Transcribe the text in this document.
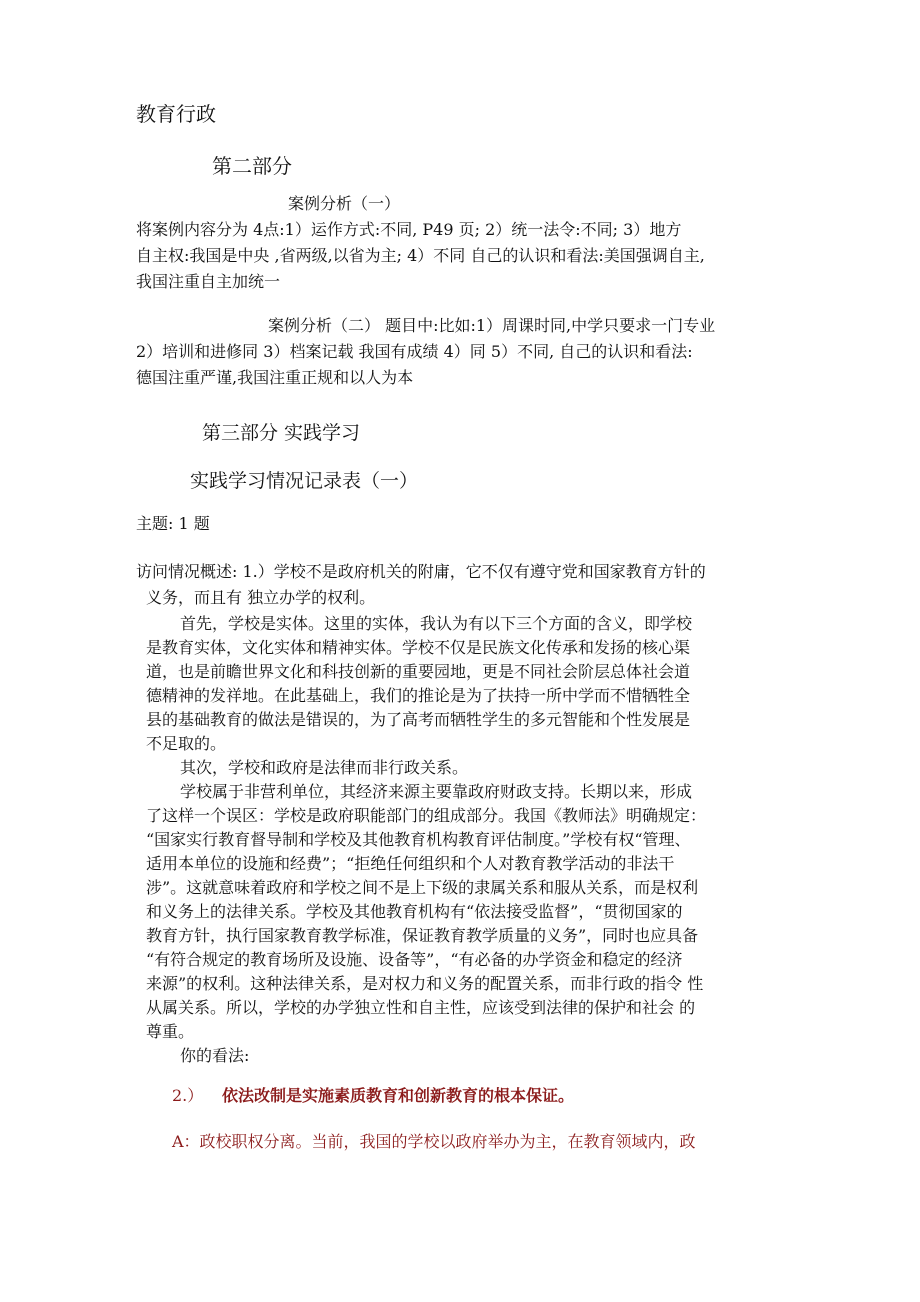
教育行政
第二部分
案例分析（一）
将案例内容分为 4点:1）运作方式:不同, P49 页; 2）统一法令:不同; 3）地方
自主权:我国是中央 ,省两级,以省为主; 4）不同 自己的认识和看法:美国强调自主,
我国注重自主加统一
案例分析（二） 题目中:比如:1）周课时同,中学只要求一门专业
2）培训和进修同 3）档案记载 我国有成绩 4）同 5）不同, 自己的认识和看法:
德国注重严谨,我国注重正规和以人为本
第三部分 实践学习
实践学习情况记录表（一）
主题: 1 题
访问情况概述: 1.）学校不是政府机关的附庸，它不仅有遵守党和国家教育方针的
义务，而且有 独立办学的权利。
首先，学校是实体。这里的实体，我认为有以下三个方面的含义，即学校
是教育实体，文化实体和精神实体。学校不仅是民族文化传承和发扬的核心渠
道，也是前瞻世界文化和科技创新的重要园地，更是不同社会阶层总体社会道
德精神的发祥地。在此基础上，我们的推论是为了扶持一所中学而不惜牺牲全
县的基础教育的做法是错误的，为了高考而牺牲学生的多元智能和个性发展是
不足取的。
其次，学校和政府是法律而非行政关系。
学校属于非营利单位，其经济来源主要靠政府财政支持。长期以来，形成
了这样一个误区：学校是政府职能部门的组成部分。我国《教师法》明确规定：
“国家实行教育督导制和学校及其他教育机构教育评估制度。”学校有权“管理、
适用本单位的设施和经费”；“拒绝任何组织和个人对教育教学活动的非法干
涉”。这就意味着政府和学校之间不是上下级的隶属关系和服从关系，而是权利
和义务上的法律关系。学校及其他教育机构有“依法接受监督”，“贯彻国家的
教育方针，执行国家教育教学标准，保证教育教学质量的义务”，同时也应具备
“有符合规定的教育场所及设施、设备等”，“有必备的办学资金和稳定的经济
来源”的权利。这种法律关系，是对权力和义务的配置关系，而非行政的指令 性
从属关系。所以，学校的办学独立性和自主性，应该受到法律的保护和社会 的
尊重。
你的看法:
2.） 依法改制是实施素质教育和创新教育的根本保证。
A：政校职权分离。当前，我国的学校以政府举办为主，在教育领域内，政
